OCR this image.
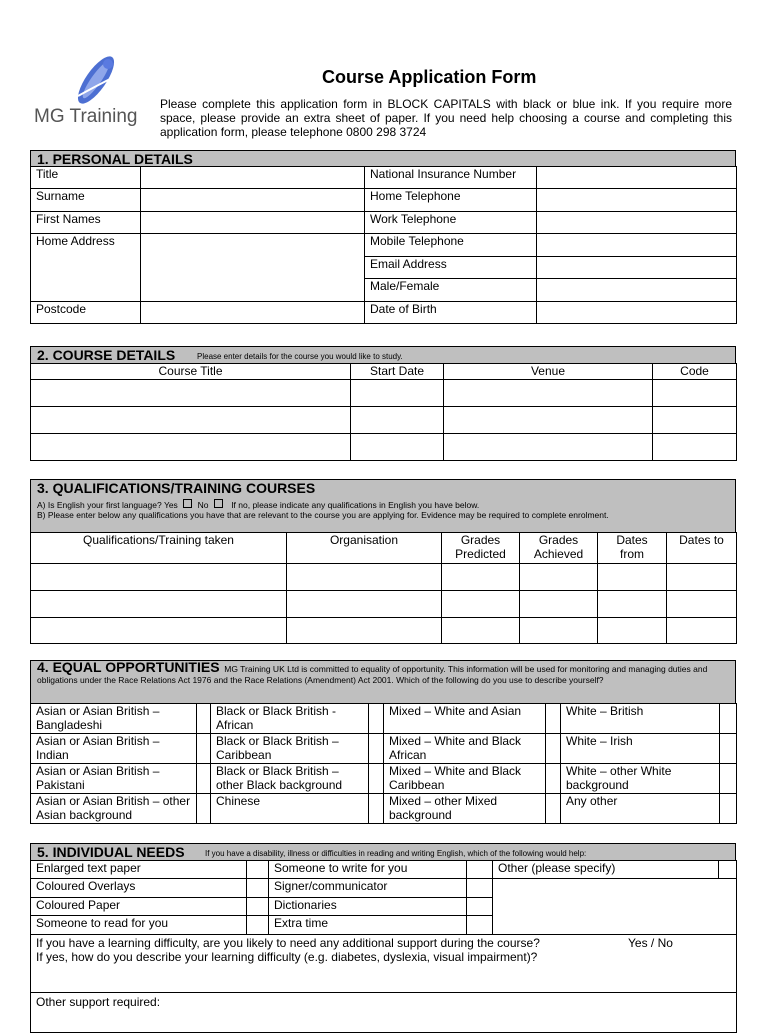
MG Training
Course Application Form
Please complete this application form in BLOCK CAPITALS with black or blue ink. If you require more space, please provide an extra sheet of paper. If you need help choosing a course and completing this application form, please telephone 0800 298 3724
1. PERSONAL DETAILS
Title		National Insurance Number	
Surname		Home Telephone	
First Names		Work Telephone	
Home Address		Mobile Telephone	
		Email Address	
		Male/Female	
Postcode		Date of Birth	
2. COURSE DETAILS	Please enter details for the course you would like to study.
Course Title	Start Date	Venue	Code

3. QUALIFICATIONS/TRAINING COURSES
A) Is English your first language? Yes No	If no, please indicate any qualifications in English you have below.
B) Please enter below any qualifications you have that are relevant to the course you are applying for. Evidence may be required to complete enrolment.
Qualifications/Training taken	Organisation	Grades Predicted	Grades Achieved	Dates from	Dates to

4. EQUAL OPPORTUNITIES MG Training UK Ltd is committed to equality of opportunity. This information will be used for monitoring and managing duties and obligations under the Race Relations Act 1976 and the Race Relations (Amendment) Act 2001. Which of the following do you use to describe yourself?
Asian or Asian British – Bangladeshi		Black or Black British - African		Mixed – White and Asian		White – British	
Asian or Asian British – Indian		Black or Black British – Caribbean		Mixed – White and Black African		White – Irish	
Asian or Asian British – Pakistani		Black or Black British – other Black background		Mixed – White and Black Caribbean		White – other White background	
Asian or Asian British – other Asian background		Chinese		Mixed – other Mixed background		Any other	
5. INDIVIDUAL NEEDS	If you have a disability, illness or difficulties in reading and writing English, which of the following would help:
Enlarged text paper		Someone to write for you		Other (please specify)	
Coloured Overlays		Signer/communicator			
Coloured Paper		Dictionaries			
Someone to read for you		Extra time			

If you have a learning difficulty, are you likely to need any additional support during the course? Yes / No
If yes, how do you describe your learning difficulty (e.g. diabetes, dyslexia, visual impairment)?					

Other support required:					
